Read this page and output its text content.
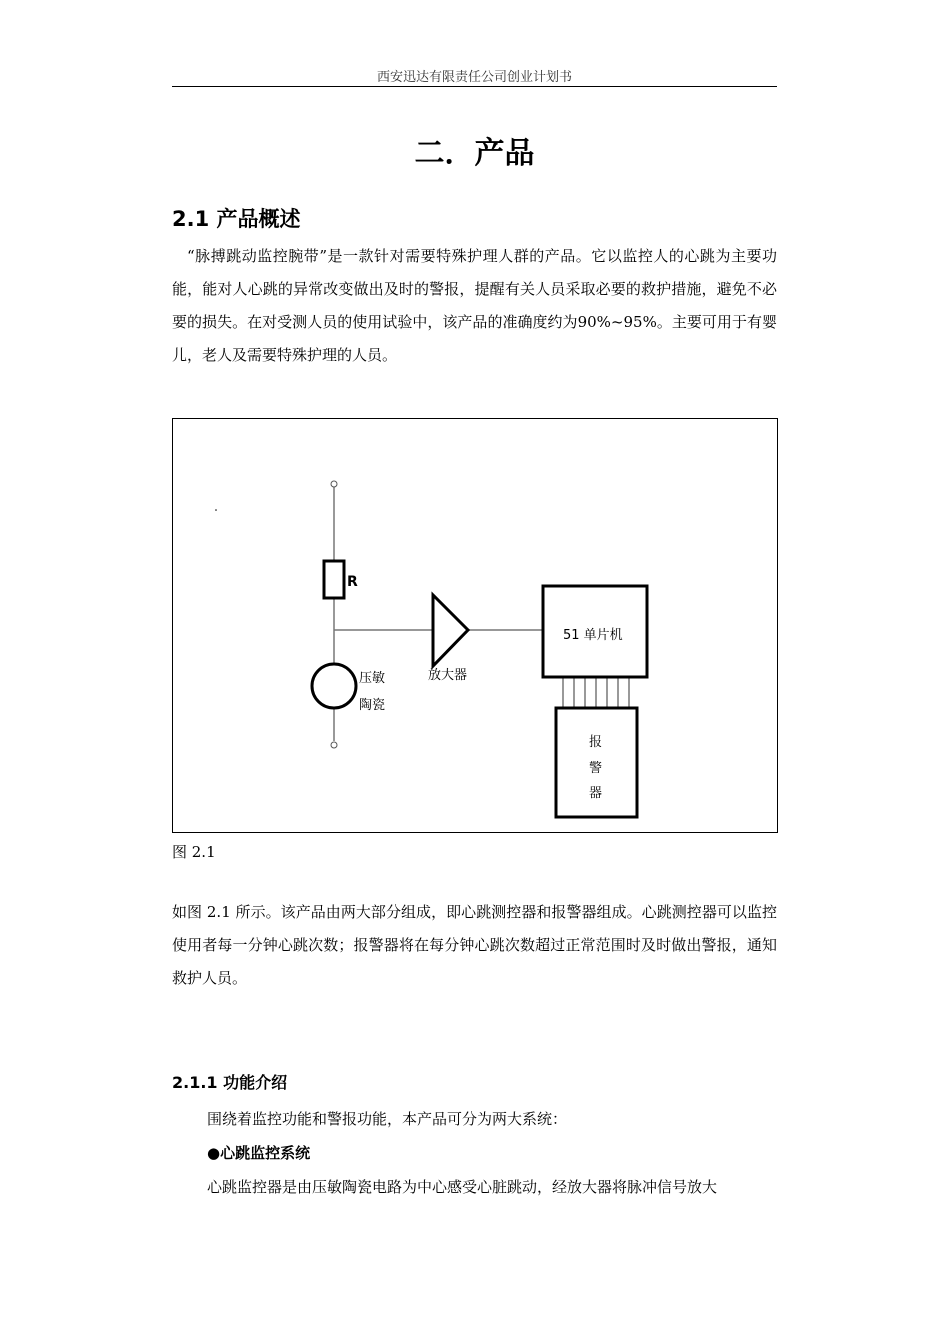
西安迅达有限责任公司创业计划书
二．产品
2.1 产品概述
“脉搏跳动监控腕带”是一款针对需要特殊护理人群的产品。它以监控人的心跳为主要功能，能对人心跳的异常改变做出及时的警报，提醒有关人员采取必要的救护措施，避免不必要的损失。在对受测人员的使用试验中，该产品的准确度约为90%~95%。主要可用于有婴儿，老人及需要特殊护理的人员。
R
压敏
陶瓷
放大器
51 单片机
报
警
器
图 2.1
如图 2.1 所示。该产品由两大部分组成，即心跳测控器和报警器组成。心跳测控器可以监控使用者每一分钟心跳次数；报警器将在每分钟心跳次数超过正常范围时及时做出警报，通知救护人员。
2.1.1 功能介绍
围绕着监控功能和警报功能，本产品可分为两大系统：
●心跳监控系统
心跳监控器是由压敏陶瓷电路为中心感受心脏跳动，经放大器将脉冲信号放大
